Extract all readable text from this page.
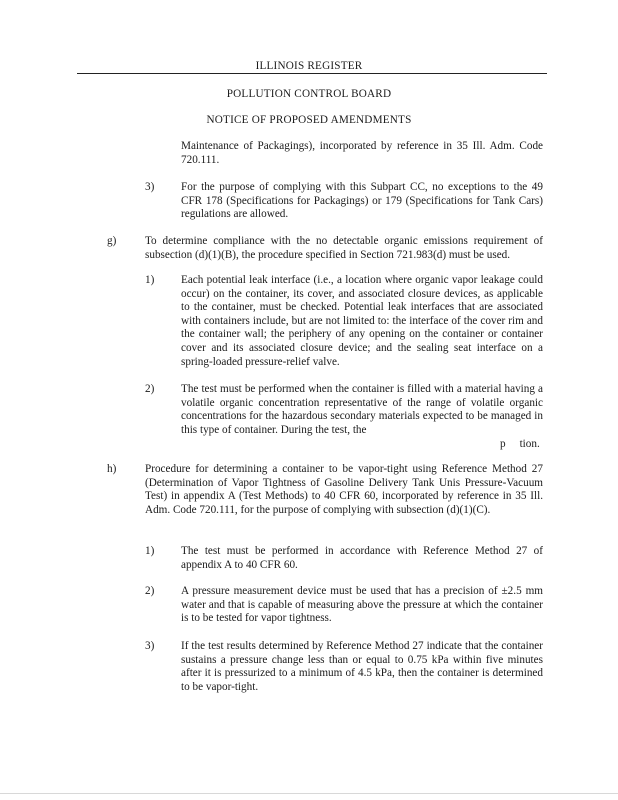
ILLINOIS REGISTER
POLLUTION CONTROL BOARD
NOTICE OF PROPOSED AMENDMENTS
Maintenance of Packagings), incorporated by reference in 35 Ill. Adm. Code 720.111.
3) For the purpose of complying with this Subpart CC, no exceptions to the 49 CFR 178 (Specifications for Packagings) or 179 (Specifications for Tank Cars) regulations are allowed.
g)	To determine compliance with the no detectable organic emissions requirement of subsection (d)(1)(B), the procedure specified in Section 721.983(d) must be used.
1) Each potential leak interface (i.e., a location where organic vapor leakage could occur) on the container, its cover, and associated closure devices, as applicable to the container, must be checked. Potential leak interfaces that are associated with containers include, but are not limited to: the interface of the cover rim and the container wall; the periphery of any opening on the container or container cover and its associated closure device; and the sealing seat interface on a spring-loaded pressure-relief valve.
2) The test must be performed when the container is filled with a material having a volatile organic concentration representative of the range of volatile organic concentrations for the hazardous secondary materials expected to be managed in this type of container. During the test, the
p     tion.
h)	Procedure for determining a container to be vapor-tight using Reference Method 27 (Determination of Vapor Tightness of Gasoline Delivery Tank Unis Pressure-Vacuum Test) in appendix A (Test Methods) to 40 CFR 60, incorporated by reference in 35 Ill. Adm. Code 720.111, for the purpose of complying with subsection (d)(1)(C).
1) The test must be performed in accordance with Reference Method 27 of appendix A to 40 CFR 60.
2) A pressure measurement device must be used that has a precision of ±2.5 mm water and that is capable of measuring above the pressure at which the container is to be tested for vapor tightness.
3) If the test results determined by Reference Method 27 indicate that the container sustains a pressure change less than or equal to 0.75 kPa within five minutes after it is pressurized to a minimum of 4.5 kPa, then the container is determined to be vapor-tight.
